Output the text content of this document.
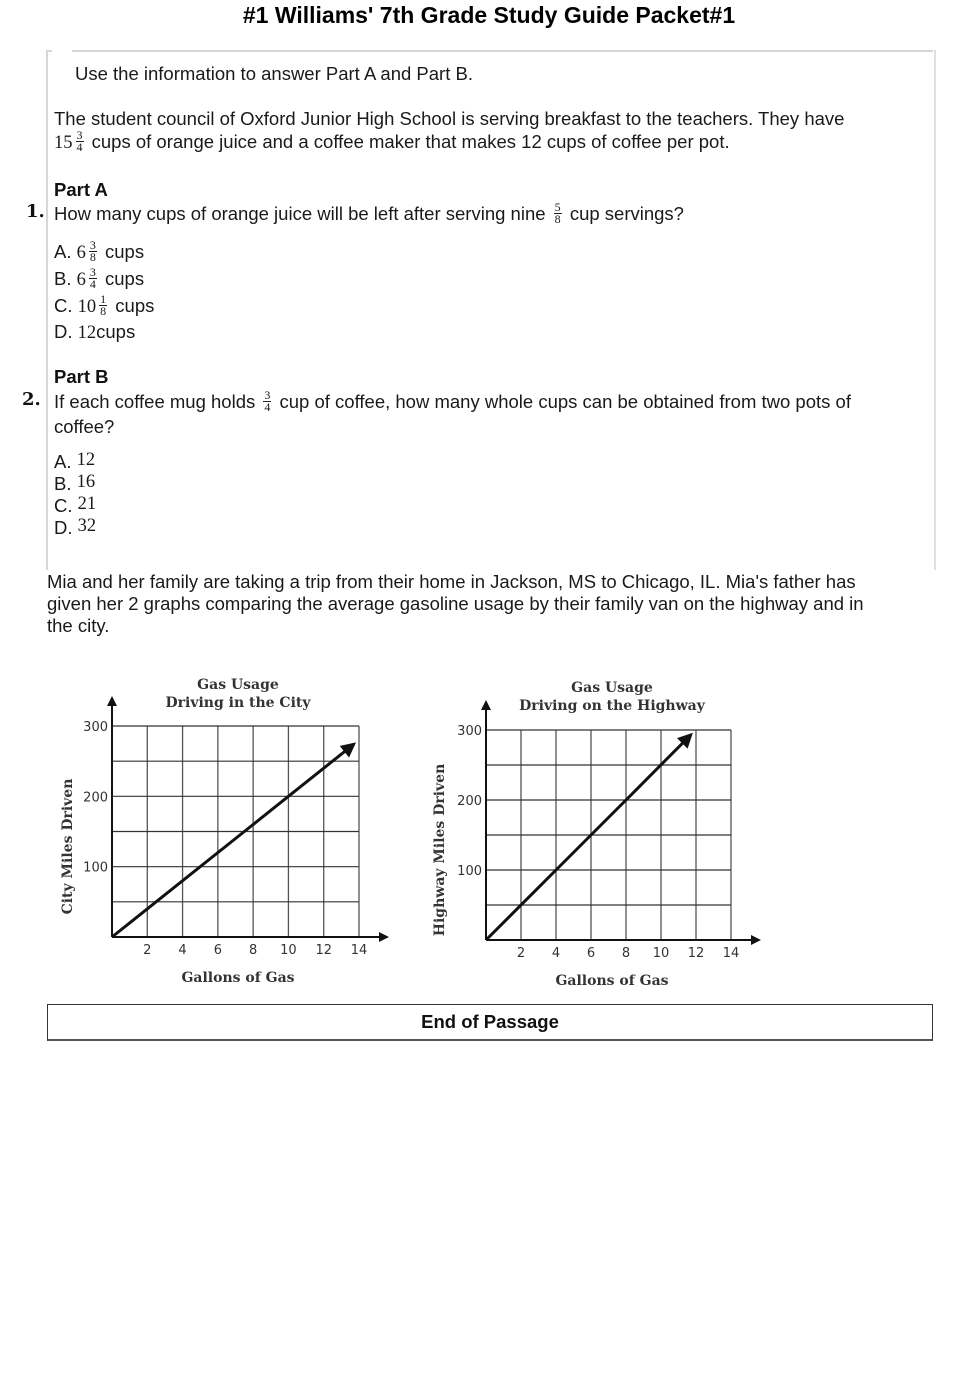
#1 Williams' 7th Grade Study Guide Packet#1
Use the information to answer Part A and Part B.
The student council of Oxford Junior High School is serving breakfast to the teachers. They have
$15 \frac{3}{4}$ cups of orange juice and a coffee maker that makes 12 cups of coffee per pot.
Part A
1. How many cups of orange juice will be left after serving nine $\frac{5}{8}$ cup servings?
A. $6 \frac{3}{8}$ cups
B. $6 \frac{3}{4}$ cups
C. $10 \frac{1}{8}$ cups
D. 12cups
Part B
2. If each coffee mug holds $\frac{3}{4}$ cup of coffee, how many whole cups can be obtained from two pots of
coffee?
A. 12
B. 16
C. 21
D. 32
Mia and her family are taking a trip from their home in Jackson, MS to Chicago, IL. Mia's father has
given her 2 graphs comparing the average gasoline usage by their family van on the highway and in
the city.
2 4 6 8 10 12 14
100
200
300
Gas Usage
Driving in the City
Gallons of Gas
City Miles Driven
2 4 6 8 10 12 14
100
200
300
Gas Usage
Driving on the Highway
Gallons of Gas
Highway Miles Driven
End of Passage
